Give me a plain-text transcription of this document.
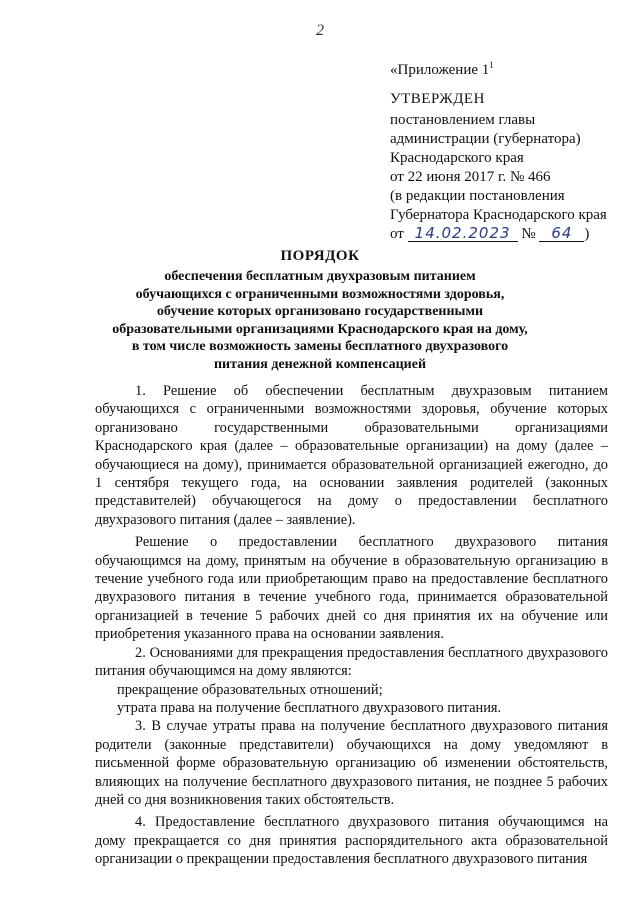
2
«Приложение $1^1$
УТВЕРЖДЕН
постановлением главы
администрации (губернатора)
Краснодарского края
от 22 июня 2017 г. № 466
(в редакции постановления
Губернатора Краснодарского края
от 14.02.2023 № 64 )
ПОРЯДОК
обеспечения бесплатным двухразовым питанием
обучающихся с ограниченными возможностями здоровья,
обучение которых организовано государственными
образовательными организациями Краснодарского края на дому,
в том числе возможность замены бесплатного двухразового
питания денежной компенсацией

1. Решение об обеспечении бесплатным двухразовым питанием обучающихся с ограниченными возможностями здоровья, обучение которых организовано государственными образовательными организациями Краснодарского края (далее – образовательные организации) на дому (далее – обучающиеся на дому), принимается образовательной организацией ежегодно, до 1 сентября текущего года, на основании заявления родителей (законных представителей) обучающегося на дому о предоставлении бесплатного двухразового питания (далее – заявление).

Решение о предоставлении бесплатного двухразового питания обучающимся на дому, принятым на обучение в образовательную организацию в течение учебного года или приобретающим право на предоставление бесплатного двухразового питания в течение учебного года, принимается образовательной организацией в течение 5 рабочих дней со дня принятия их на обучение или приобретения указанного права на основании заявления.

2. Основаниями для прекращения предоставления бесплатного двухразового питания обучающимся на дому являются:

прекращение образовательных отношений;

утрата права на получение бесплатного двухразового питания.

3. В случае утраты права на получение бесплатного двухразового питания родители (законные представители) обучающихся на дому уведомляют в письменной форме образовательную организацию об изменении обстоятельств, влияющих на получение бесплатного двухразового питания, не позднее 5 рабочих дней со дня возникновения таких обстоятельств.

4. Предоставление бесплатного двухразового питания обучающимся на дому прекращается со дня принятия распорядительного акта образовательной организации о прекращении предоставления бесплатного двухразового питания
